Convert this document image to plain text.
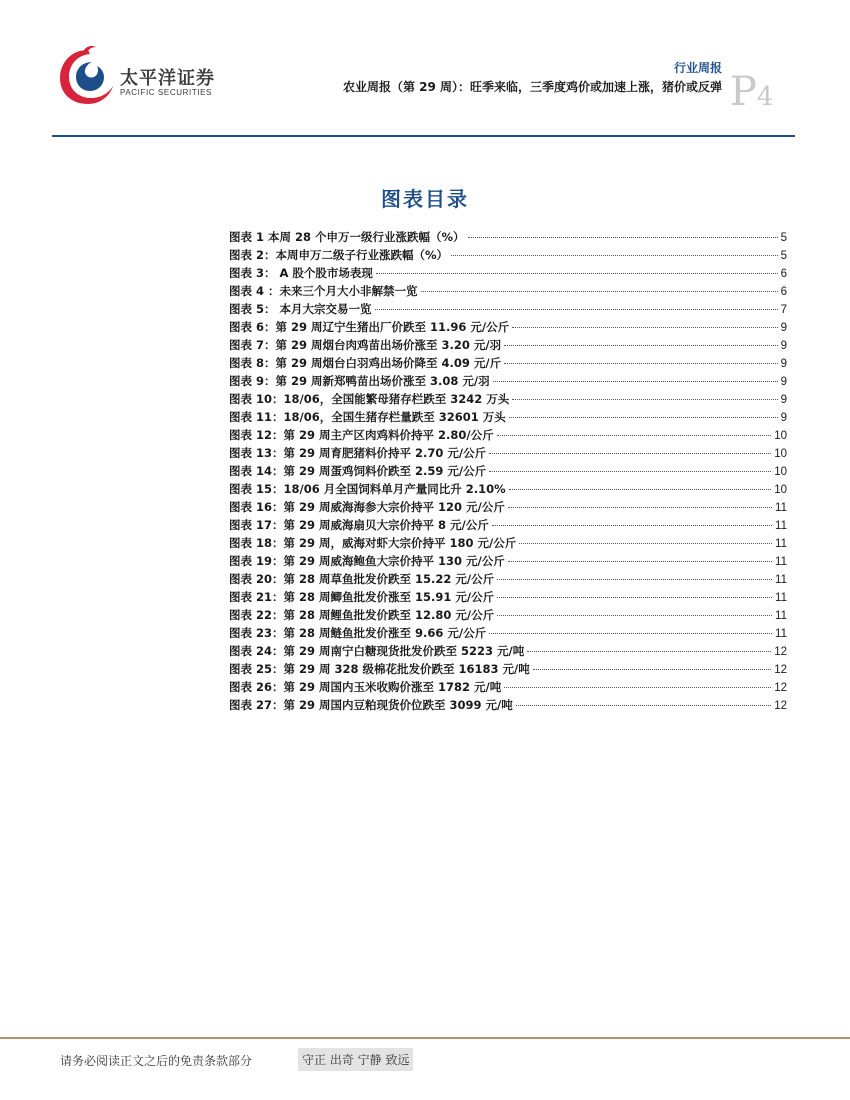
太平洋证券
PACIFIC SECURITIES
行业周报
农业周报（第 29 周）：旺季来临，三季度鸡价或加速上涨，猪价或反弹 P4
图表目录
图表 1 本周 28 个申万一级行业涨跌幅（%）	5
图表 2：本周申万二级子行业涨跌幅（%）	5
图表 3： A 股个股市场表现	6
图表 4 ：未来三个月大小非解禁一览	6
图表 5： 本月大宗交易一览	7
图表 6：第 29 周辽宁生猪出厂价跌至 11.96 元/公斤	9
图表 7：第 29 周烟台肉鸡苗出场价涨至 3.20 元/羽	9
图表 8：第 29 周烟台白羽鸡出场价降至 4.09 元/斤	9
图表 9：第 29 周新郑鸭苗出场价涨至 3.08 元/羽	9
图表 10：18/06，全国能繁母猪存栏跌至 3242 万头	9
图表 11：18/06，全国生猪存栏量跌至 32601 万头	9
图表 12：第 29 周主产区肉鸡料价持平 2.80/公斤	10
图表 13：第 29 周育肥猪料价持平 2.70 元/公斤	10
图表 14：第 29 周蛋鸡饲料价跌至 2.59 元/公斤	10
图表 15：18/06 月全国饲料单月产量同比升 2.10%	10
图表 16：第 29 周威海海参大宗价持平 120 元/公斤	11
图表 17：第 29 周威海扇贝大宗价持平 8 元/公斤	11
图表 18：第 29 周，威海对虾大宗价持平 180 元/公斤	11
图表 19：第 29 周威海鲍鱼大宗价持平 130 元/公斤	11
图表 20：第 28 周草鱼批发价跌至 15.22 元/公斤	11
图表 21：第 28 周鲫鱼批发价涨至 15.91 元/公斤	11
图表 22：第 28 周鲤鱼批发价跌至 12.80 元/公斤	11
图表 23：第 28 周鲢鱼批发价涨至 9.66 元/公斤	11
图表 24：第 29 周南宁白糖现货批发价跌至 5223 元/吨	12
图表 25：第 29 周 328 级棉花批发价跌至 16183 元/吨	12
图表 26：第 29 周国内玉米收购价涨至 1782 元/吨	12
图表 27：第 29 周国内豆粕现货价位跌至 3099 元/吨	12
请务必阅读正文之后的免责条款部分	守正 出奇 宁静 致远
